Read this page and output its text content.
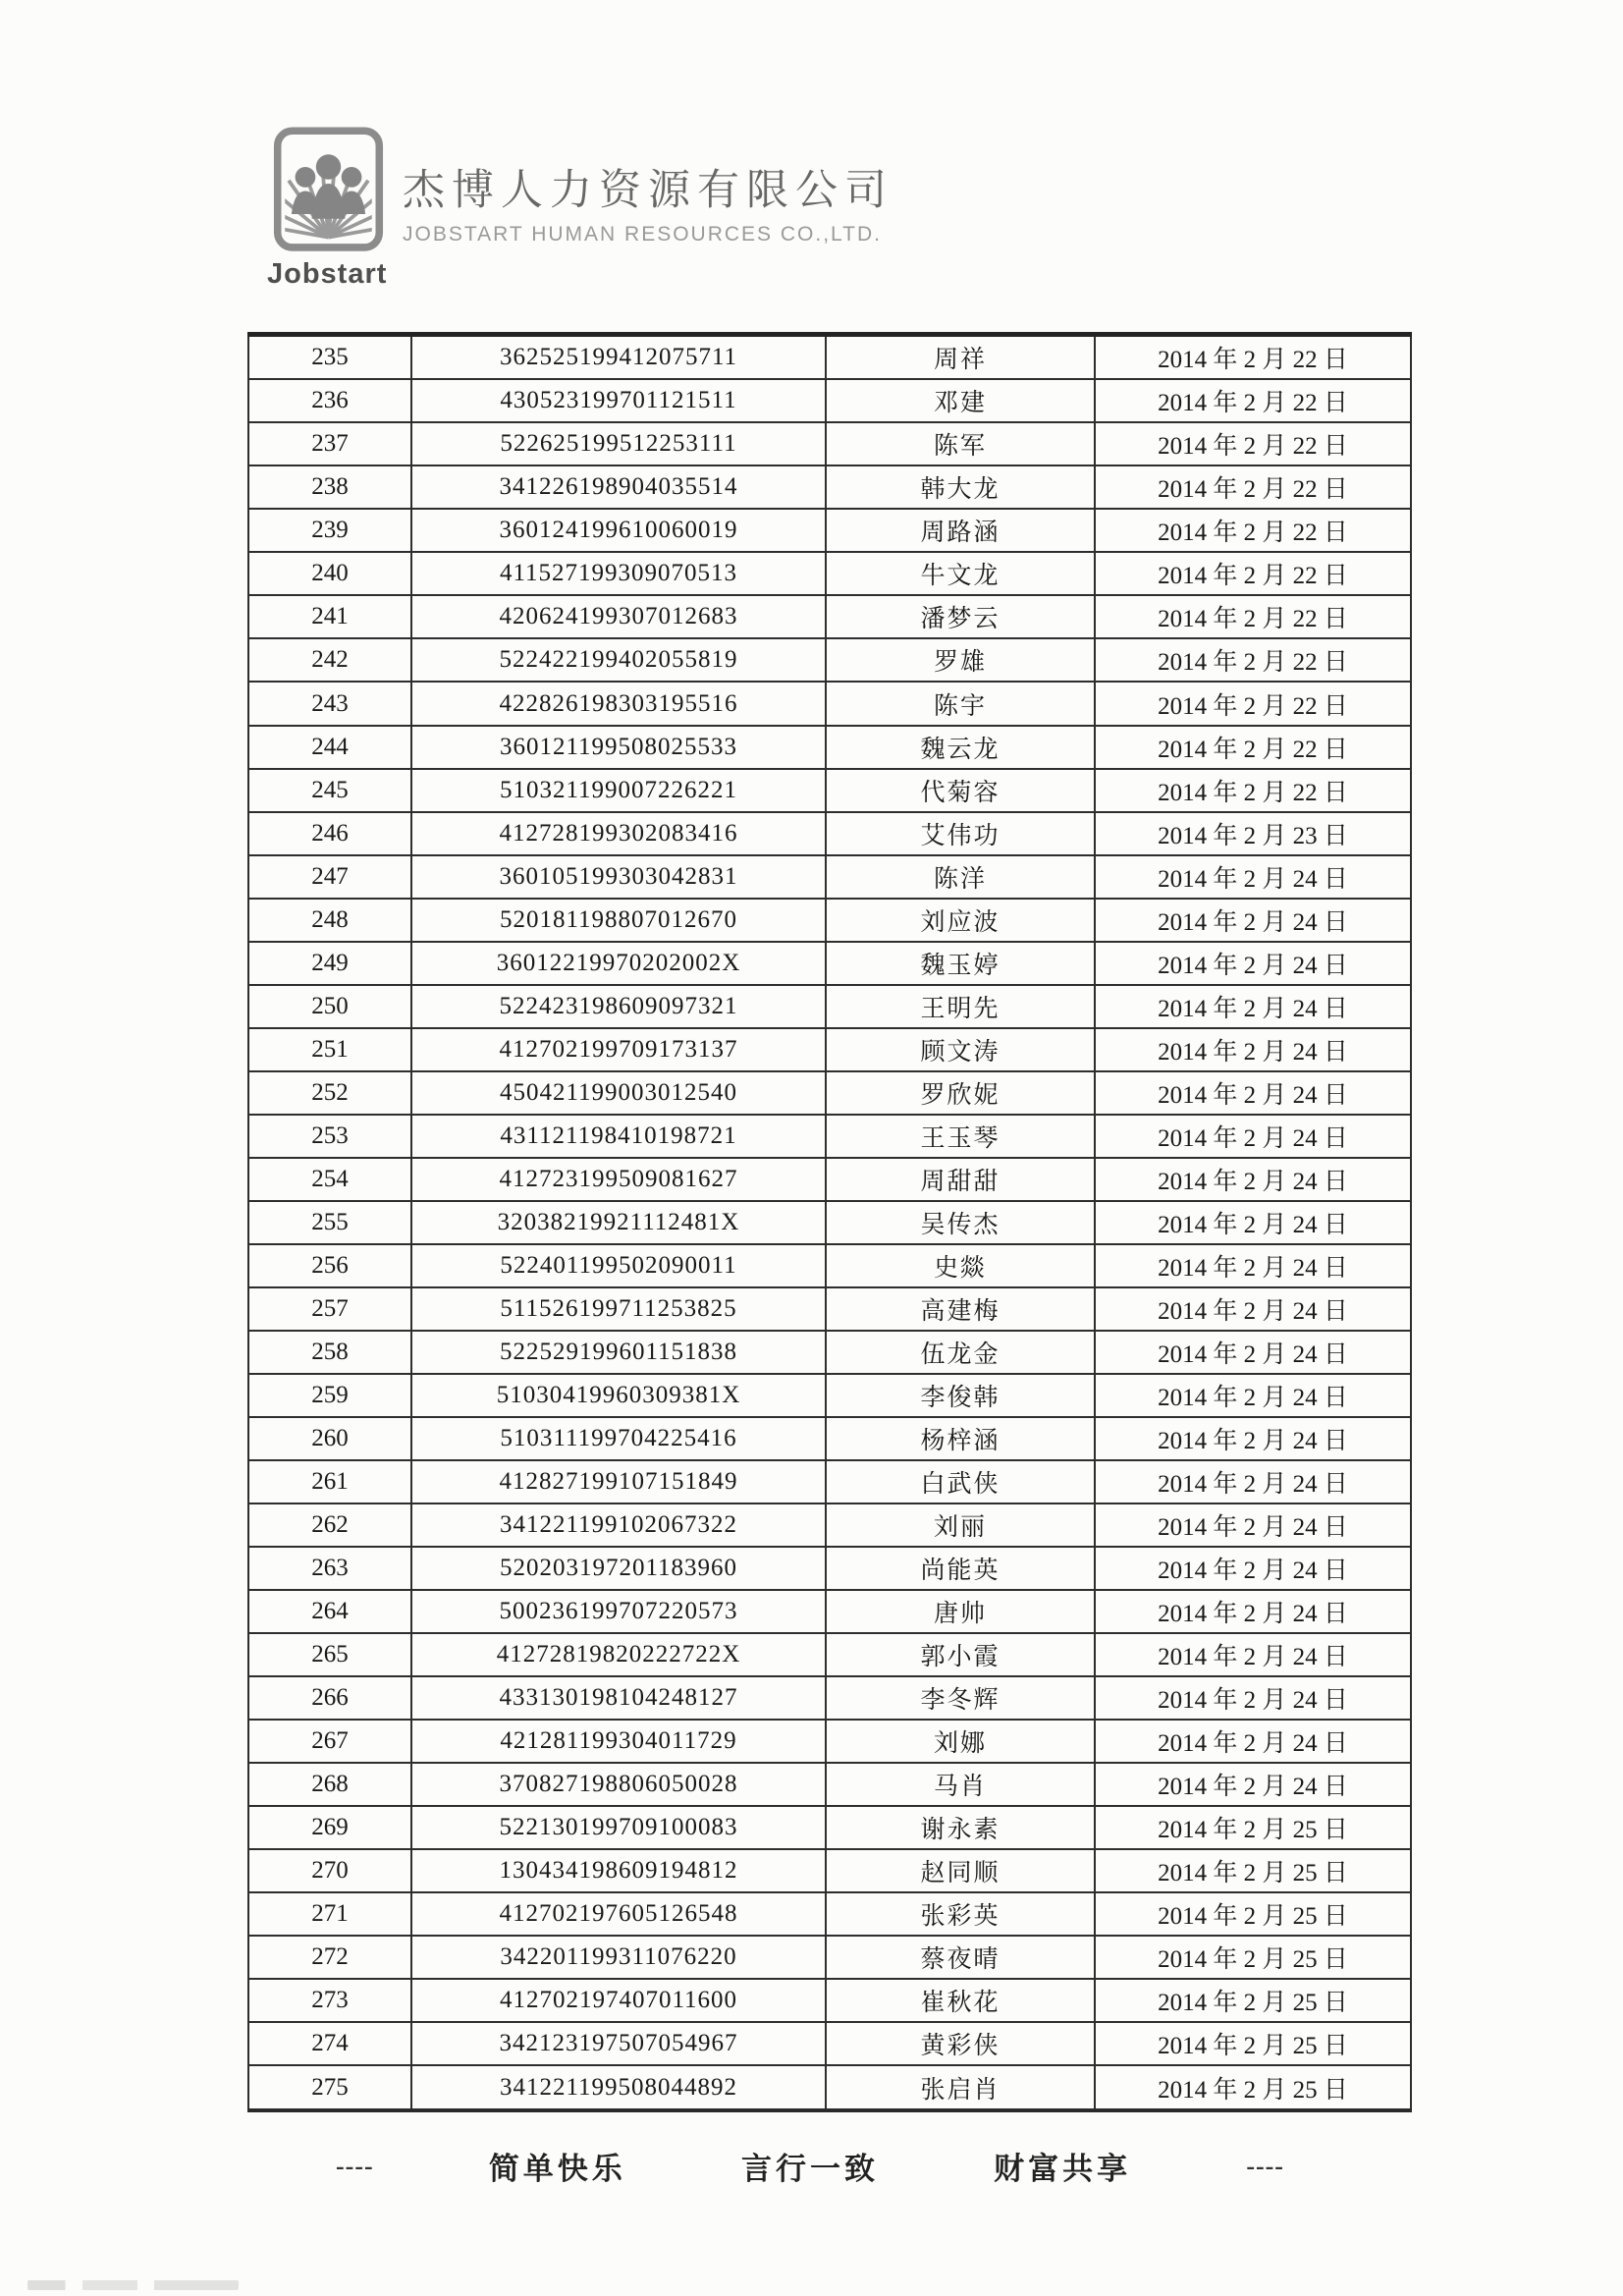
Jobstart
杰博人力资源有限公司
JOBSTART HUMAN RESOURCES CO.,LTD.
235	362525199412075711	周祥	2014 年 2 月 22 日
236	430523199701121511	邓建	2014 年 2 月 22 日
237	522625199512253111	陈军	2014 年 2 月 22 日
238	341226198904035514	韩大龙	2014 年 2 月 22 日
239	360124199610060019	周路涵	2014 年 2 月 22 日
240	411527199309070513	牛文龙	2014 年 2 月 22 日
241	420624199307012683	潘梦云	2014 年 2 月 22 日
242	522422199402055819	罗雄	2014 年 2 月 22 日
243	422826198303195516	陈宇	2014 年 2 月 22 日
244	360121199508025533	魏云龙	2014 年 2 月 22 日
245	510321199007226221	代菊容	2014 年 2 月 22 日
246	412728199302083416	艾伟功	2014 年 2 月 23 日
247	360105199303042831	陈洋	2014 年 2 月 24 日
248	520181198807012670	刘应波	2014 年 2 月 24 日
249	36012219970202002X	魏玉婷	2014 年 2 月 24 日
250	522423198609097321	王明先	2014 年 2 月 24 日
251	412702199709173137	顾文涛	2014 年 2 月 24 日
252	450421199003012540	罗欣妮	2014 年 2 月 24 日
253	431121198410198721	王玉琴	2014 年 2 月 24 日
254	412723199509081627	周甜甜	2014 年 2 月 24 日
255	32038219921112481X	吴传杰	2014 年 2 月 24 日
256	522401199502090011	史燚	2014 年 2 月 24 日
257	511526199711253825	高建梅	2014 年 2 月 24 日
258	522529199601151838	伍龙金	2014 年 2 月 24 日
259	51030419960309381X	李俊韩	2014 年 2 月 24 日
260	510311199704225416	杨梓涵	2014 年 2 月 24 日
261	412827199107151849	白武侠	2014 年 2 月 24 日
262	341221199102067322	刘丽	2014 年 2 月 24 日
263	520203197201183960	尚能英	2014 年 2 月 24 日
264	500236199707220573	唐帅	2014 年 2 月 24 日
265	41272819820222722X	郭小霞	2014 年 2 月 24 日
266	433130198104248127	李冬辉	2014 年 2 月 24 日
267	421281199304011729	刘娜	2014 年 2 月 24 日
268	370827198806050028	马肖	2014 年 2 月 24 日
269	522130199709100083	谢永素	2014 年 2 月 25 日
270	130434198609194812	赵同顺	2014 年 2 月 25 日
271	412702197605126548	张彩英	2014 年 2 月 25 日
272	342201199311076220	蔡夜晴	2014 年 2 月 25 日
273	412702197407011600	崔秋花	2014 年 2 月 25 日
274	342123197507054967	黄彩侠	2014 年 2 月 25 日
275	341221199508044892	张启肖	2014 年 2 月 25 日
----	简单快乐	言行一致	财富共享	----
